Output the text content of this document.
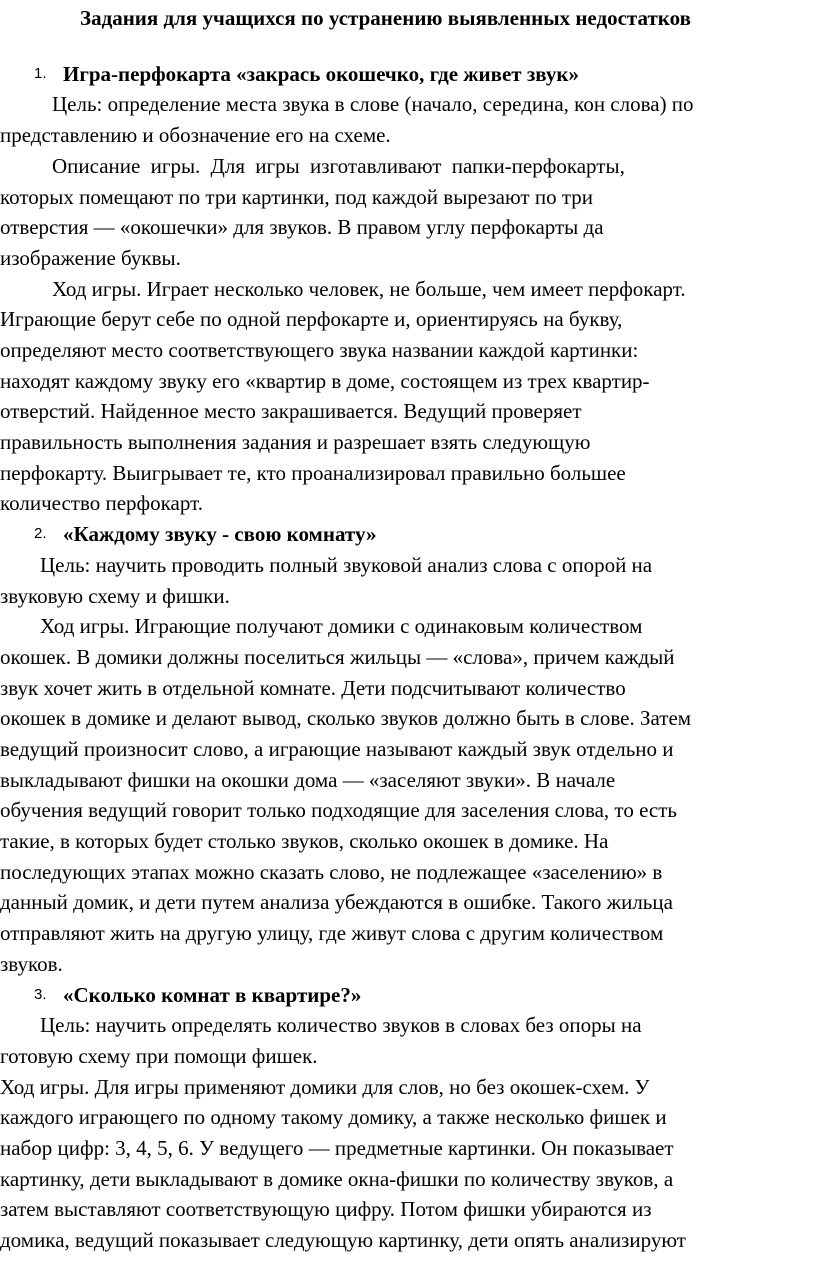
Задания для учащихся по устранению выявленных недостатков
1. Игра-перфокарта «закрась окошечко, где живет звук»
Цель: определение места звука в слове (начало, середина, кон слова) по
представлению и обозначение его на схеме.
Описание игры. Для игры изготавливают папки-перфокарты,
которых помещают по три картинки, под каждой вырезают по три
отверстия — «окошечки» для звуков. В правом углу перфокарты да
изображение буквы.
Ход игры. Играет несколько человек, не больше, чем имеет перфокарт.
Играющие берут себе по одной перфокарте и, ориентируясь на букву,
определяют место соответствующего звука названии каждой картинки:
находят каждому звуку его «квартир в доме, состоящем из трех квартир-
отверстий. Найденное место закрашивается. Ведущий проверяет
правильность выполнения задания и разрешает взять следующую
перфокарту. Выигрывает те, кто проанализировал правильно большее
количество перфокарт.
2. «Каждому звуку - свою комнату»
Цель: научить проводить полный звуковой анализ слова с опорой на
звуковую схему и фишки.
Ход игры. Играющие получают домики с одинаковым количеством
окошек. В домики должны поселиться жильцы — «слова», причем каждый
звук хочет жить в отдельной комнате. Дети подсчитывают количество
окошек в домике и делают вывод, сколько звуков должно быть в слове. Затем
ведущий произносит слово, а играющие называют каждый звук отдельно и
выкладывают фишки на окошки дома — «заселяют звуки». В начале
обучения ведущий говорит только подходящие для заселения слова, то есть
такие, в которых будет столько звуков, сколько окошек в домике. На
последующих этапах можно сказать слово, не подлежащее «заселению» в
данный домик, и дети путем анализа убеждаются в ошибке. Такого жильца
отправляют жить на другую улицу, где живут слова с другим количеством
звуков.
3. «Сколько комнат в квартире?»
Цель: научить определять количество звуков в словах без опоры на
готовую схему при помощи фишек.
Ход игры. Для игры применяют домики для слов, но без окошек-схем. У
каждого играющего по одному такому домику, а также несколько фишек и
набор цифр: 3, 4, 5, 6. У ведущего — предметные картинки. Он показывает
картинку, дети выкладывают в домике окна-фишки по количеству звуков, а
затем выставляют соответствующую цифру. Потом фишки убираются из
домика, ведущий показывает следующую картинку, дети опять анализируют
